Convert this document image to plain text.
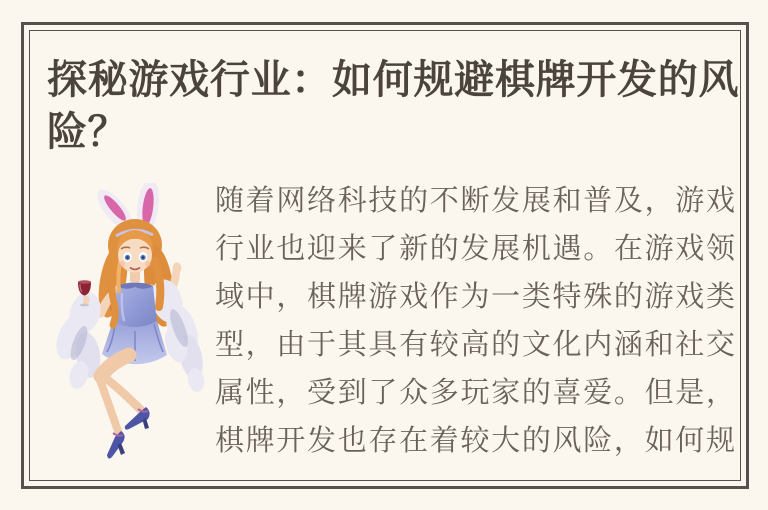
探秘游戏行业：如何规避棋牌开发的风
险？
随着网络科技的不断发展和普及，游戏
行业也迎来了新的发展机遇。在游戏领
域中，棋牌游戏作为一类特殊的游戏类
型，由于其具有较高的文化内涵和社交
属性，受到了众多玩家的喜爱。但是，
棋牌开发也存在着较大的风险，如何规
